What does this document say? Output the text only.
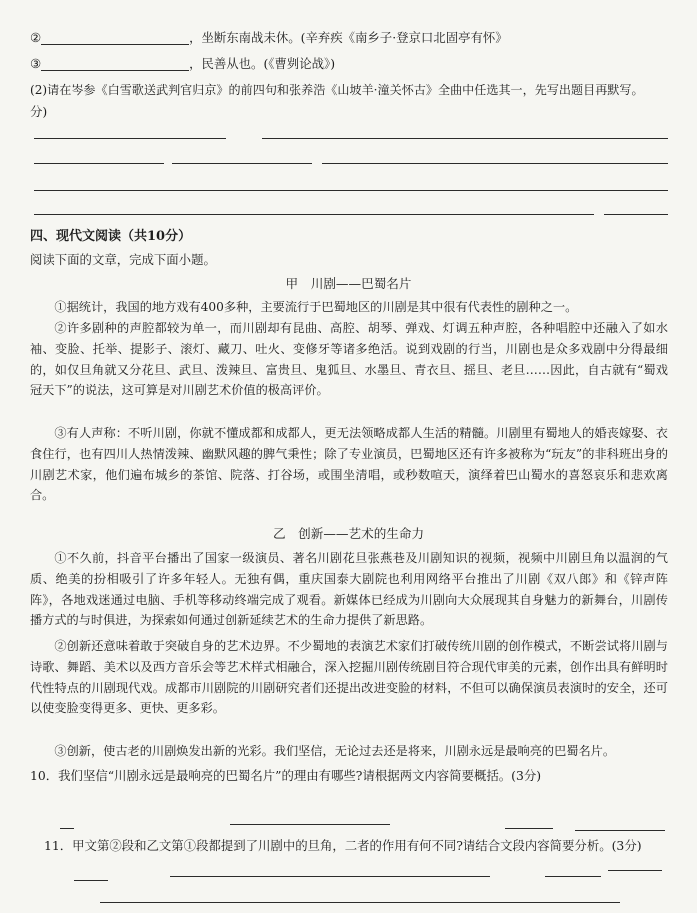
②	，坐断东南战未休。(辛弃疾《南乡子·登京口北固亭有怀》
③	，民善从也。(《曹刿论战》)
(2)请在岑参《白雪歌送武判官归京》的前四句和张养浩《山坡羊·潼关怀古》全曲中任选其一，先写出题目再默写。
分)
四、现代文阅读（共10分）
阅读下面的文章，完成下面小题。
甲　川剧——巴蜀名片
①据统计，我国的地方戏有400多种，主要流行于巴蜀地区的川剧是其中很有代表性的剧种之一。
②许多剧种的声腔都较为单一，而川剧却有昆曲、高腔、胡琴、弹戏、灯调五种声腔，各种唱腔中还融入了如水袖、变脸、托举、提影子、滚灯、藏刀、吐火、变修牙等诸多绝活。说到戏剧的行当，川剧也是众多戏剧中分得最细的，如仅旦角就又分花旦、武旦、泼辣旦、富贵旦、鬼狐旦、水墨旦、青衣旦、摇旦、老旦……因此，自古就有“蜀戏冠天下”的说法，这可算是对川剧艺术价值的极高评价。
③有人声称：不听川剧，你就不懂成都和成都人，更无法领略成都人生活的精髓。川剧里有蜀地人的婚丧嫁娶、衣食住行，也有四川人热情泼辣、幽默风趣的脾气秉性；除了专业演员，巴蜀地区还有许多被称为“玩友”的非科班出身的川剧艺术家，他们遍布城乡的茶馆、院落、打谷场，或围坐清唱，或秒数喧天，演绎着巴山蜀水的喜怒哀乐和悲欢离合。
乙　创新——艺术的生命力
①不久前，抖音平台播出了国家一级演员、著名川剧花旦张燕巷及川剧知识的视频，视频中川剧旦角以温润的气质、绝美的扮相吸引了许多年轻人。无独有偶，重庆国泰大剧院也利用网络平台推出了川剧《双八郎》和《锌声阵阵》，各地戏迷通过电脑、手机等移动终端完成了观看。新媒体已经成为川剧向大众展现其自身魅力的新舞台，川剧传播方式的与时俱进，为探索如何通过创新延续艺术的生命力提供了新思路。
②创新还意味着敢于突破自身的艺术边界。不少蜀地的表演艺术家们打破传统川剧的创作模式，不断尝试将川剧与诗歌、舞蹈、美术以及西方音乐会等艺术样式相融合，深入挖掘川剧传统剧目符合现代审美的元素，创作出具有鲜明时代性特点的川剧现代戏。成都市川剧院的川剧研究者们还提出改进变脸的材料，不但可以确保演员表演时的安全，还可以使变脸变得更多、更快、更多彩。
③创新，使古老的川剧焕发出新的光彩。我们坚信，无论过去还是将来，川剧永远是最响亮的巴蜀名片。
10．我们坚信“川剧永远是最响亮的巴蜀名片”的理由有哪些?请根据两文内容简要概括。(3分)
11．甲文第②段和乙文第①段都提到了川剧中的旦角，二者的作用有何不同?请结合文段内容简要分析。(3分)
